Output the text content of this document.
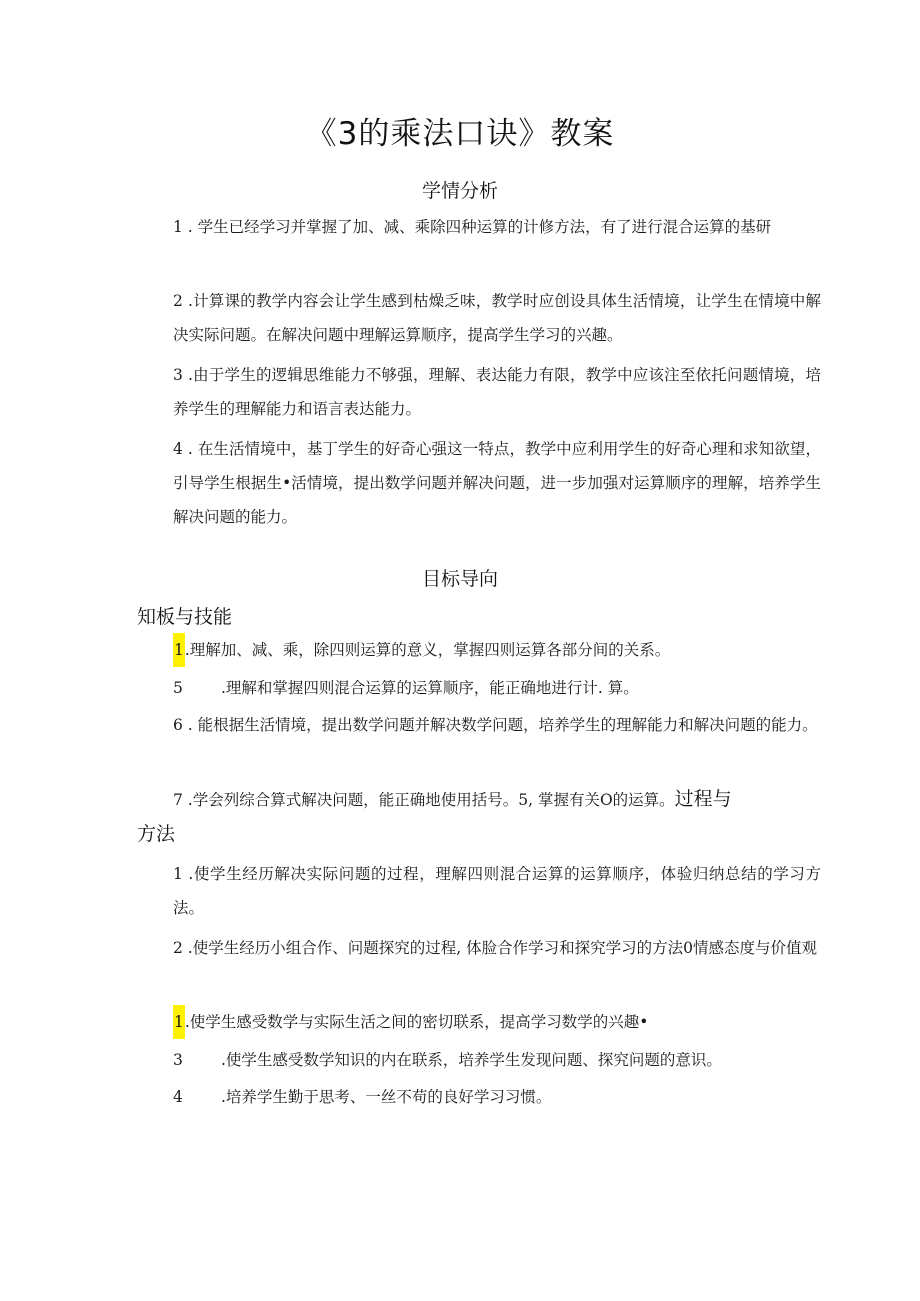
《3的乘法口诀》教案
学情分析
1 . 学生已经学习并掌握了加、减、乘除四种运算的计修方法，有了进行混合运算的基研
2 .计算课的教学内容会让学生感到枯燥乏味，教学时应创设具体生活情境，让学生在情境中解决实际问题。在解决问题中理解运算顺序，提高学生学习的兴趣。
3 .由于学生的逻辑思维能力不够强，理解、表达能力有限，教学中应该注至依托问题情境，培养学生的理解能力和语言表达能力。
4 . 在生活情境中，基丁学生的好奇心强这一特点，教学中应利用学生的好奇心理和求知欲望，引导学生根据生•活情境，提出数学问题并解决问题，进一步加强对运算顺序的理解，培养学生解决问题的能力。
目标导向
知板与技能
1.理解加、减、乘，除四则运算的意义，掌握四则运算各部分间的关系。
5 .理解和掌握四则混合运算的运算顺序，能正确地进行计. 算。
6 . 能根据生活情境，提出数学问题并解决数学问题，培养学生的理解能力和解决问题的能力。
7 .学会列综合算式解决问题，能正确地使用括号。5, 掌握有关O的运算。过程与
方法
1 .使学生经历解决实际问题的过程，理解四则混合运算的运算顺序，体验归纳总结的学习方法。
2 .使学生经历小组合作、问题探究的过程, 体脸合作学习和探究学习的方法0情感态度与价值观
1.使学生感受数学与实际生活之间的密切联系，提高学习数学的兴趣•
3 .使学生感受数学知识的内在联系，培养学生发现问题、探究问题的意识。
4 .培养学生勤于思考、一丝不苟的良好学习习惯。
